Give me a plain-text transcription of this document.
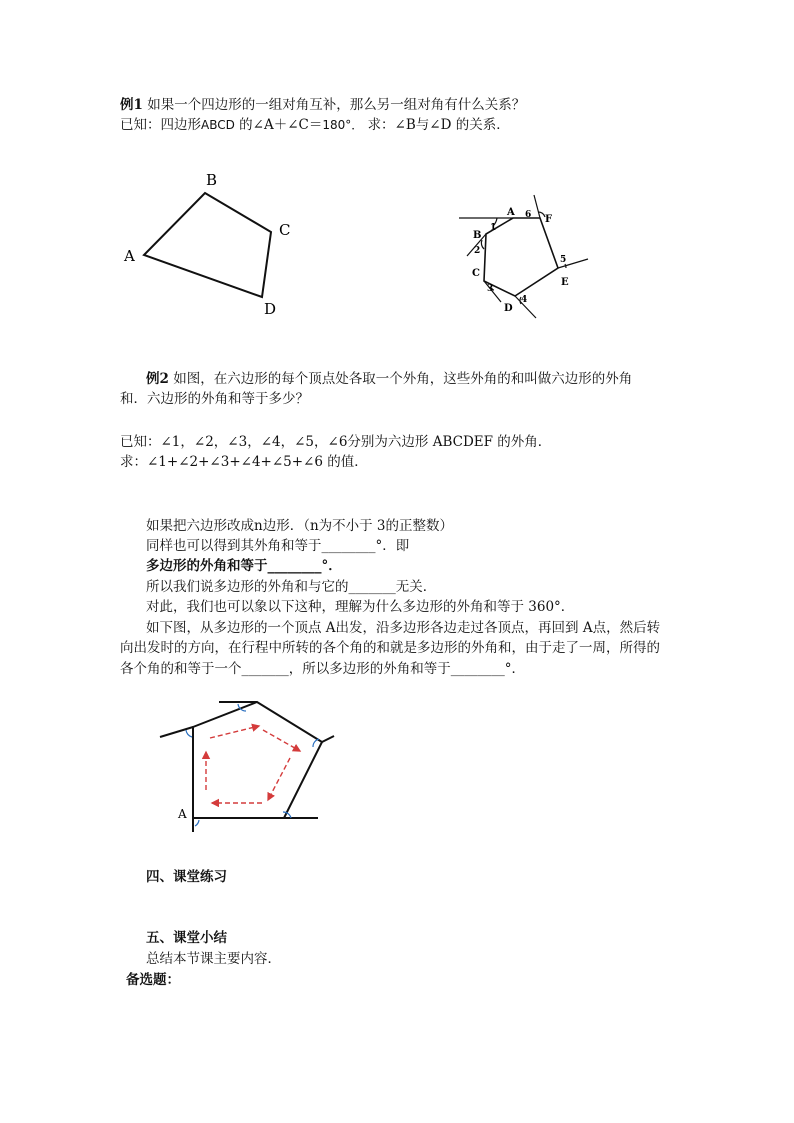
例1 如果一个四边形的一组对角互补，那么另一组对角有什么关系？
已知：四边形ABCD 的∠A＋∠C＝180°． 求：∠B与∠D 的关系．
A
B
C
D
A
B
C
D
E
F
1
2
3
4
5
6
例2 如图，在六边形的每个顶点处各取一个外角，这些外角的和叫做六边形的外角
和．六边形的外角和等于多少？
已知：∠1，∠2，∠3，∠4，∠5，∠6分别为六边形 ABCDEF 的外角．
求：∠1+∠2+∠3+∠4+∠5+∠6 的值．
如果把六边形改成n边形．（n为不小于 3的正整数）
同样也可以得到其外角和等于________°．即
多边形的外角和等于________°．
所以我们说多边形的外角和与它的_______无关．
对此，我们也可以象以下这种，理解为什么多边形的外角和等于 360°．
如下图，从多边形的一个顶点 A出发，沿多边形各边走过各顶点，再回到 A点，然后转
向出发时的方向，在行程中所转的各个角的和就是多边形的外角和，由于走了一周，所得的
各个角的和等于一个_______，所以多边形的外角和等于________°．
A
四、课堂练习
五、课堂小结
总结本节课主要内容．
备选题：
